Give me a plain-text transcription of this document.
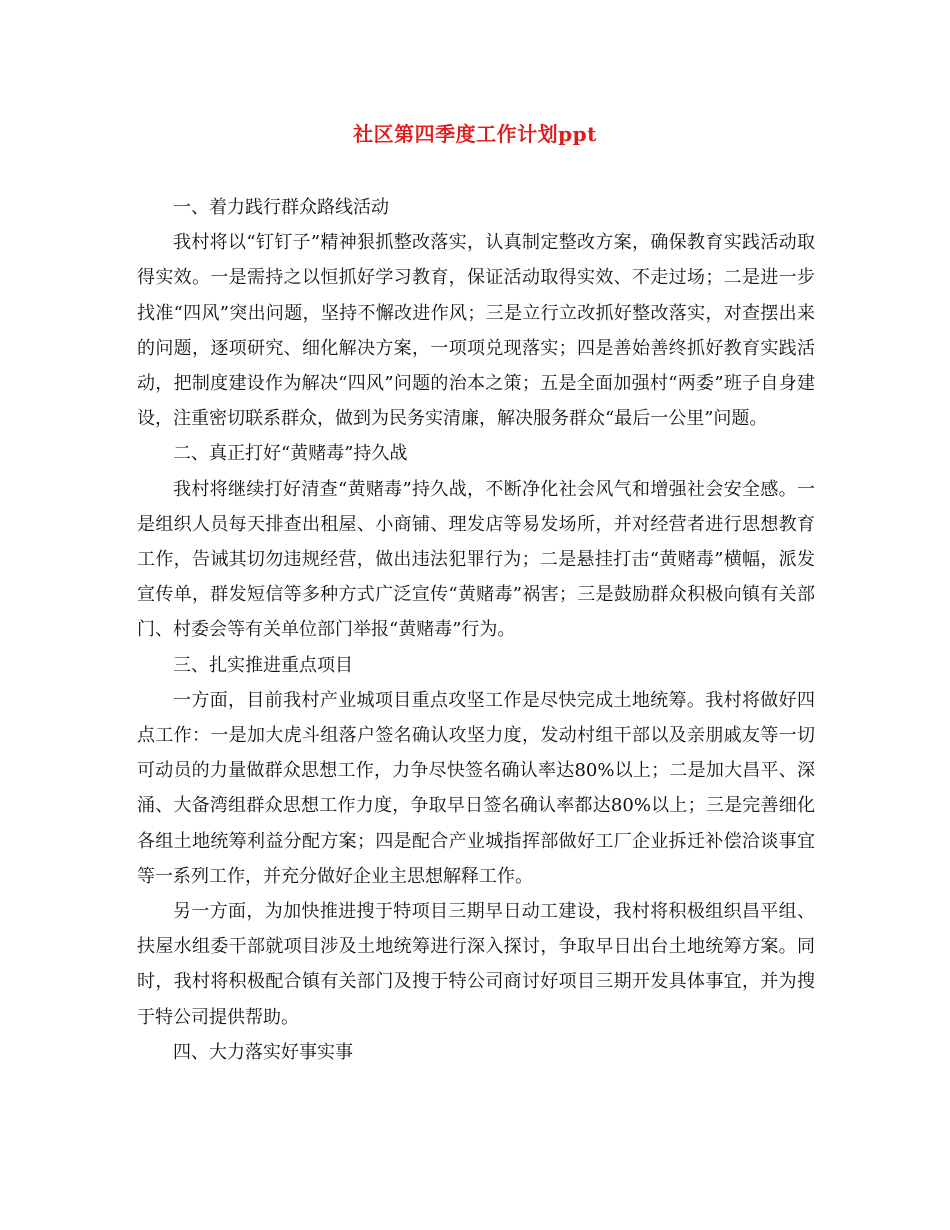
社区第四季度工作计划ppt

一、着力践行群众路线活动

我村将以“钉钉子”精神狠抓整改落实，认真制定整改方案，确保教育实践活动取得实效。一是需持之以恒抓好学习教育，保证活动取得实效、不走过场；二是进一步找准“四风”突出问题，坚持不懈改进作风；三是立行立改抓好整改落实，对查摆出来的问题，逐项研究、细化解决方案，一项项兑现落实；四是善始善终抓好教育实践活动，把制度建设作为解决“四风”问题的治本之策；五是全面加强村“两委”班子自身建设，注重密切联系群众，做到为民务实清廉，解决服务群众“最后一公里”问题。

二、真正打好“黄赌毒”持久战

我村将继续打好清查“黄赌毒”持久战，不断净化社会风气和增强社会安全感。一是组织人员每天排查出租屋、小商铺、理发店等易发场所，并对经营者进行思想教育工作，告诫其切勿违规经营，做出违法犯罪行为；二是悬挂打击“黄赌毒”横幅，派发宣传单，群发短信等多种方式广泛宣传“黄赌毒”祸害；三是鼓励群众积极向镇有关部门、村委会等有关单位部门举报“黄赌毒”行为。

三、扎实推进重点项目

一方面，目前我村产业城项目重点攻坚工作是尽快完成土地统筹。我村将做好四点工作：一是加大虎斗组落户签名确认攻坚力度，发动村组干部以及亲朋戚友等一切可动员的力量做群众思想工作，力争尽快签名确认率达80%以上；二是加大昌平、深涌、大备湾组群众思想工作力度，争取早日签名确认率都达80%以上；三是完善细化各组土地统筹利益分配方案；四是配合产业城指挥部做好工厂企业拆迁补偿洽谈事宜等一系列工作，并充分做好企业主思想解释工作。

另一方面，为加快推进搜于特项目三期早日动工建设，我村将积极组织昌平组、扶屋水组委干部就项目涉及土地统筹进行深入探讨，争取早日出台土地统筹方案。同时，我村将积极配合镇有关部门及搜于特公司商讨好项目三期开发具体事宜，并为搜于特公司提供帮助。

四、大力落实好事实事
